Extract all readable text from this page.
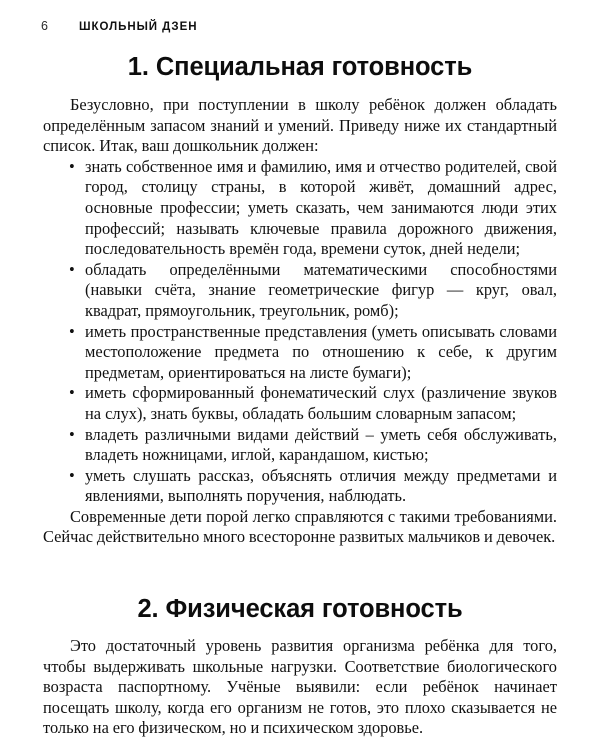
6	ШКОЛЬНЫЙ ДЗЕН
1. Специальная готовность

Безусловно, при поступлении в школу ребёнок должен обладать определённым запасом знаний и умений. Приведу ниже их стандартный список. Итак, ваш дошкольник должен:

• знать собственное имя и фамилию, имя и отчество родителей, свой город, столицу страны, в которой живёт, домашний адрес, основные профессии; уметь сказать, чем занимаются люди этих профессий; называть ключевые правила дорожного движения, последовательность времён года, времени суток, дней недели;
• обладать определёнными математическими способностями (навыки счёта, знание геометрические фигур — круг, овал, квадрат, прямоугольник, треугольник, ромб);
• иметь пространственные представления (уметь описывать словами местоположение предмета по отношению к себе, к другим предметам, ориентироваться на листе бумаги);
• иметь сформированный фонематический слух (различение звуков на слух), знать буквы, обладать большим словарным запасом;
• владеть различными видами действий – уметь себя обслуживать, владеть ножницами, иглой, карандашом, кистью;
• уметь слушать рассказ, объяснять отличия между предметами и явлениями, выполнять поручения, наблюдать.

Современные дети порой легко справляются с такими требованиями. Сейчас действительно много всесторонне развитых мальчиков и девочек.

2. Физическая готовность

Это достаточный уровень развития организма ребёнка для того, чтобы выдерживать школьные нагрузки. Соответствие биологического возраста паспортному. Учёные выявили: если ребёнок начинает посещать школу, когда его организм не готов, это плохо сказывается не только на его физическом, но и психическом здоровье.
